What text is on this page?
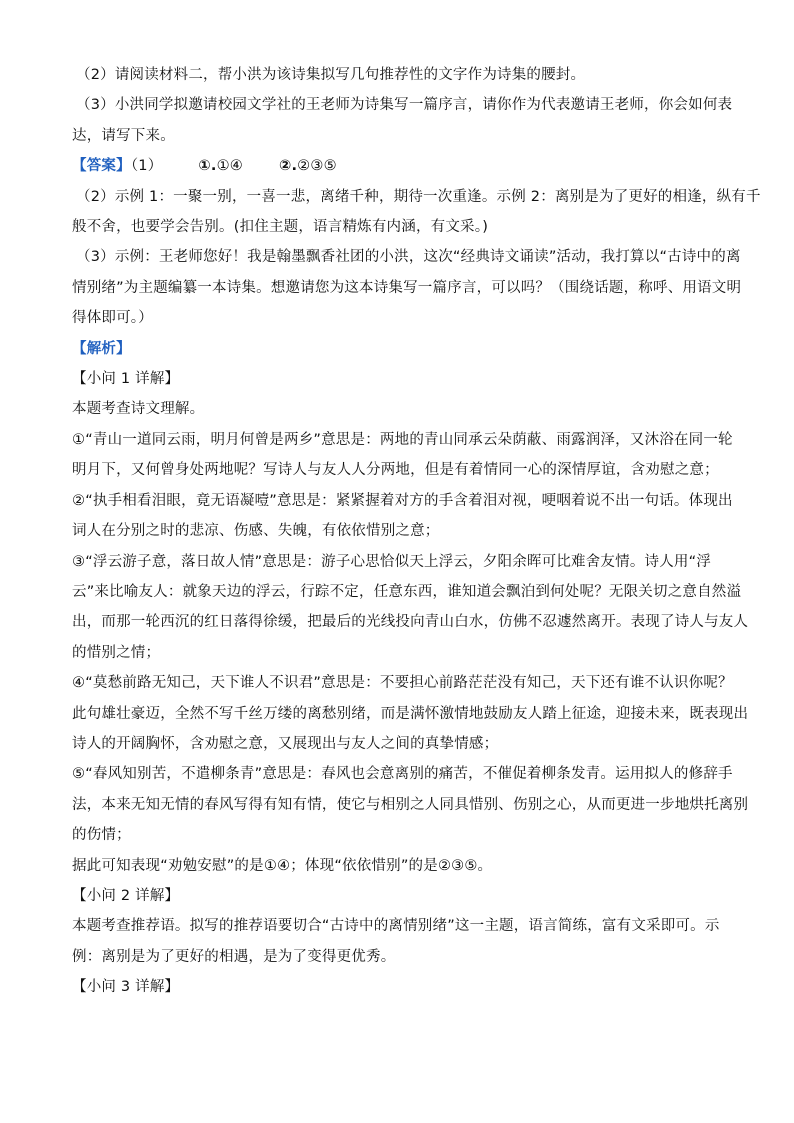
（2）请阅读材料二，帮小洪为该诗集拟写几句推荐性的文字作为诗集的腰封。
（3）小洪同学拟邀请校园文学社的王老师为诗集写一篇序言，请你作为代表邀请王老师，你会如何表
达，请写下来。
【答案】（1） ①.①④ ②.②③⑤
（2）示例 1：一聚一别，一喜一悲，离绪千种，期待一次重逢。示例 2：离别是为了更好的相逢，纵有千
般不舍，也要学会告别。(扣住主题，语言精炼有内涵，有文采。)
（3）示例：王老师您好！我是翰墨飘香社团的小洪，这次“经典诗文诵读”活动，我打算以“古诗中的离
情别绪”为主题编纂一本诗集。想邀请您为这本诗集写一篇序言，可以吗？（围绕话题，称呼、用语文明
得体即可。）
【解析】
【小问 1 详解】
本题考查诗文理解。
①“青山一道同云雨，明月何曾是两乡”意思是：两地的青山同承云朵荫蔽、雨露润泽，又沐浴在同一轮
明月下，又何曾身处两地呢？写诗人与友人人分两地，但是有着情同一心的深情厚谊，含劝慰之意；
②“执手相看泪眼，竟无语凝噎”意思是：紧紧握着对方的手含着泪对视，哽咽着说不出一句话。体现出
词人在分别之时的悲凉、伤感、失魄，有依依惜别之意；
③“浮云游子意，落日故人情”意思是：游子心思恰似天上浮云，夕阳余晖可比难舍友情。诗人用“浮
云”来比喻友人：就象天边的浮云，行踪不定，任意东西，谁知道会飘泊到何处呢？无限关切之意自然溢
出，而那一轮西沉的红日落得徐缓，把最后的光线投向青山白水，仿佛不忍遽然离开。表现了诗人与友人
的惜别之情；
④“莫愁前路无知己，天下谁人不识君”意思是：不要担心前路茫茫没有知己，天下还有谁不认识你呢？
此句雄壮豪迈，全然不写千丝万缕的离愁别绪，而是满怀激情地鼓励友人踏上征途，迎接未来，既表现出
诗人的开阔胸怀，含劝慰之意，又展现出与友人之间的真挚情感；
⑤“春风知别苦，不遣柳条青”意思是：春风也会意离别的痛苦，不催促着柳条发青。运用拟人的修辞手
法，本来无知无情的春风写得有知有情，使它与相别之人同具惜别、伤别之心，从而更进一步地烘托离别
的伤情；
据此可知表现“劝勉安慰”的是①④；体现“依依惜别”的是②③⑤。
【小问 2 详解】
本题考查推荐语。拟写的推荐语要切合“古诗中的离情别绪”这一主题，语言简练，富有文采即可。示
例：离别是为了更好的相遇，是为了变得更优秀。
【小问 3 详解】
